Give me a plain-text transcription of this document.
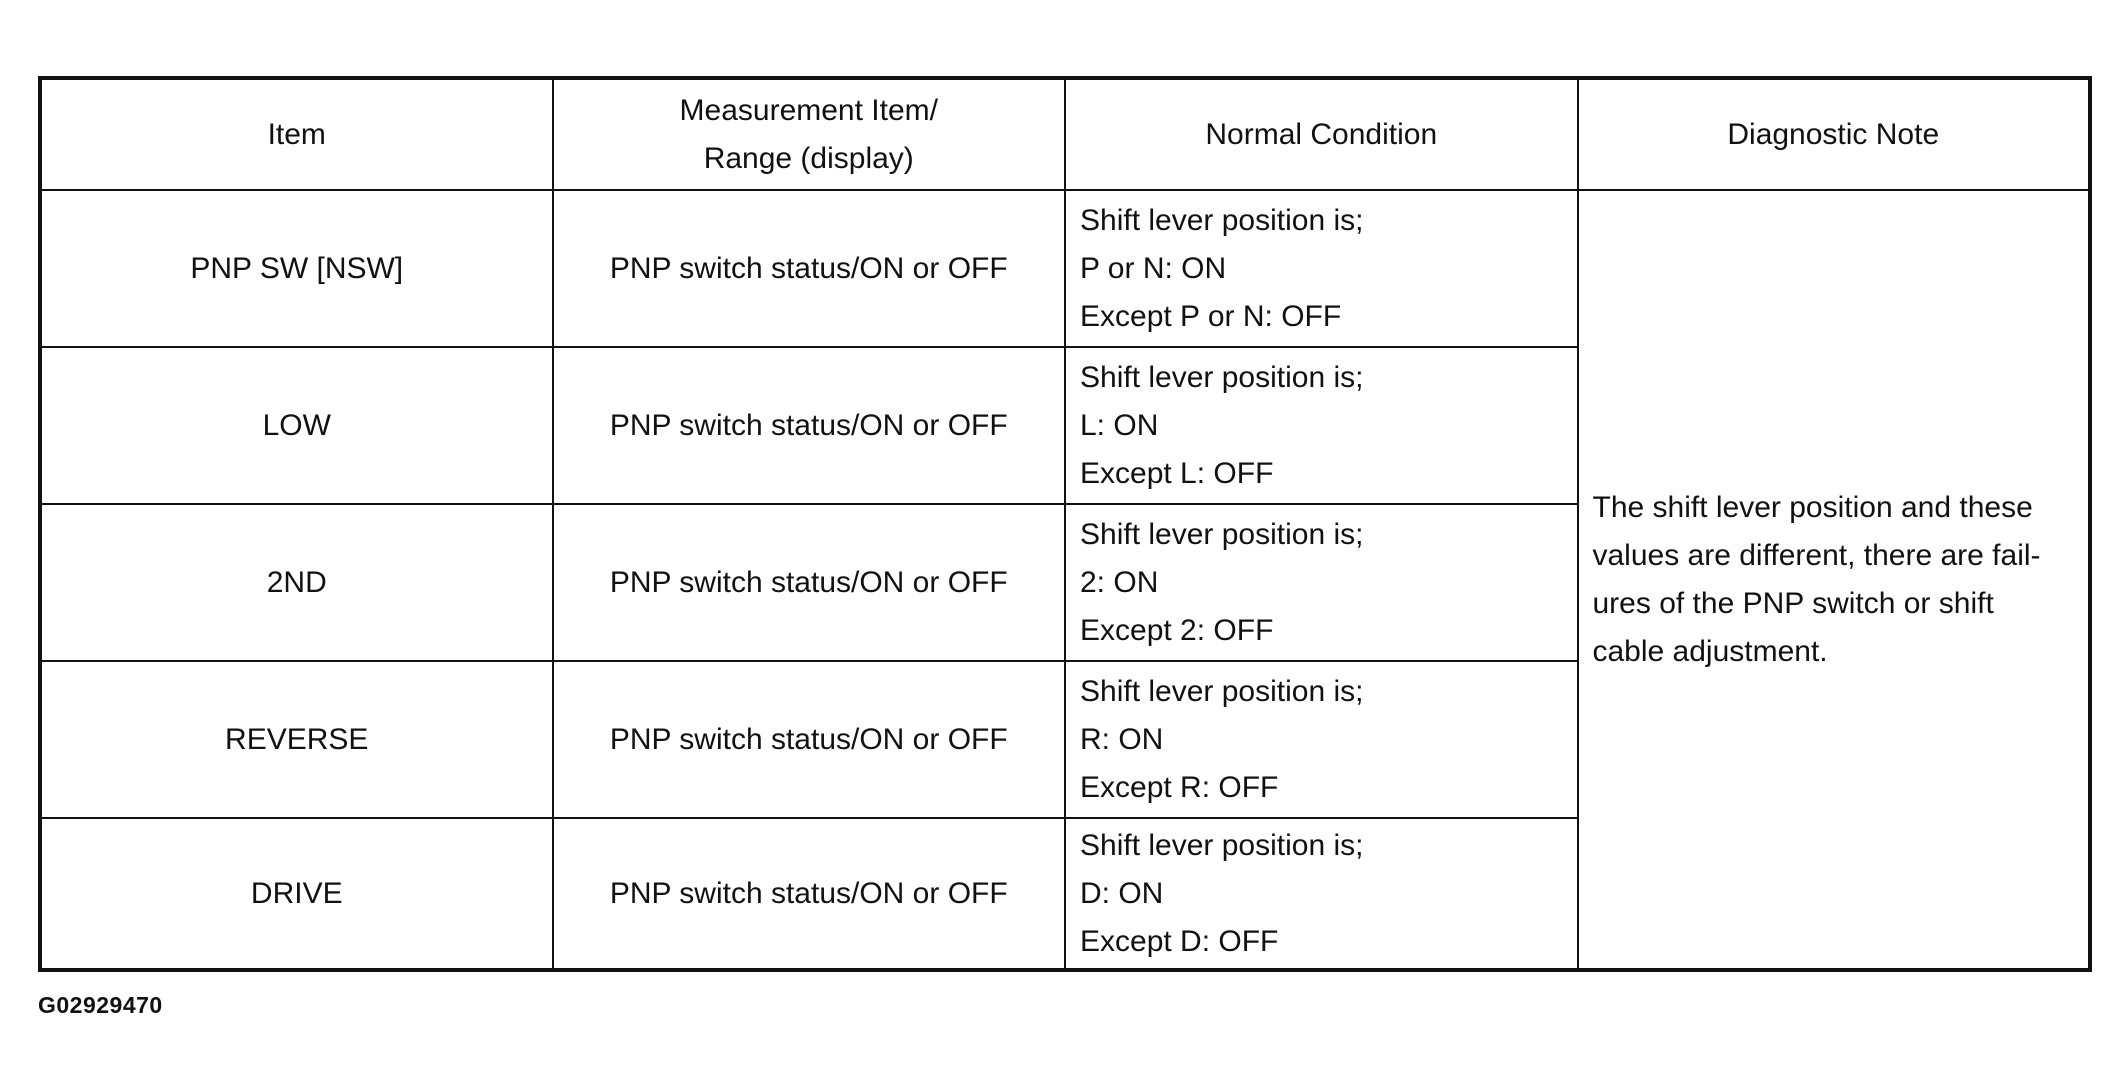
Item	Measurement Item/
Range (display)	Normal Condition	Diagnostic Note
PNP SW [NSW]	PNP switch status/ON or OFF	Shift lever position is;
P or N: ON
Except P or N: OFF	The shift lever position and these
values are different, there are fail-
ures of the PNP switch or shift
cable adjustment.

LOW	PNP switch status/ON or OFF	Shift lever position is;
L: ON
Except L: OFF	

2ND	PNP switch status/ON or OFF	Shift lever position is;
2: ON
Except 2: OFF	

REVERSE	PNP switch status/ON or OFF	Shift lever position is;
R: ON
Except R: OFF	

DRIVE	PNP switch status/ON or OFF	Shift lever position is;
D: ON
Except D: OFF	
G02929470
